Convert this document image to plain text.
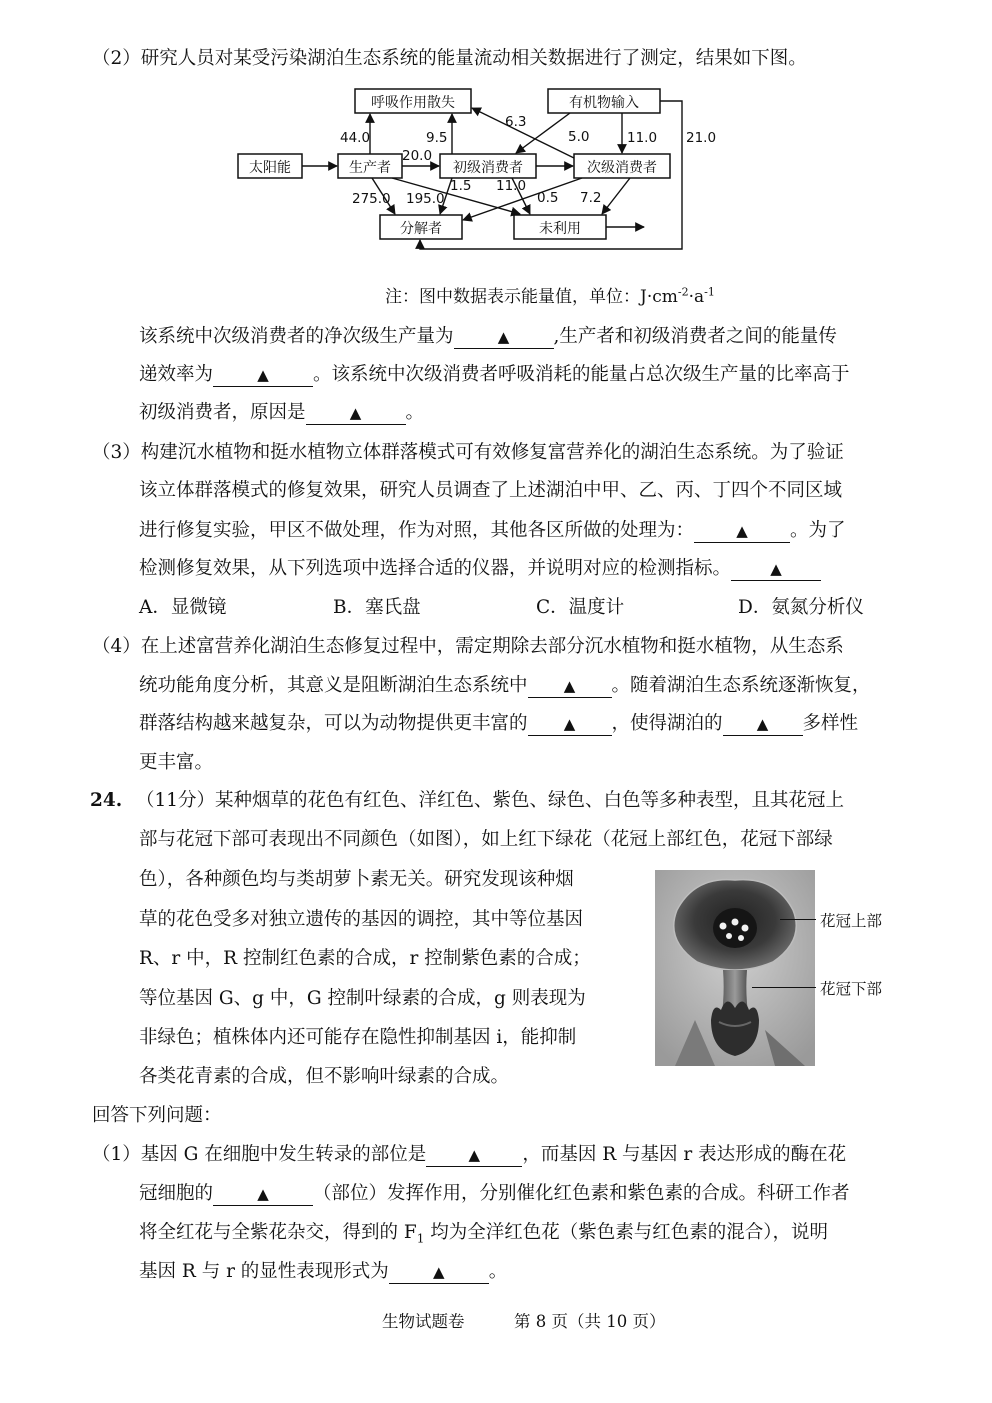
（2）研究人员对某受污染湖泊生态系统的能量流动相关数据进行了测定，结果如下图。
呼吸作用散失	有机物输入
太阳能	生产者	初级消费者	次级消费者
分解者	未利用
44.0	9.5
6.3
5.0	11.0 21.0
20.0
1.5 11.0
0.5 7.2
275.0 195.0
注：图中数据表示能量值，单位：$J\cdot cm^{-2}\cdot a^{-1}$
该系统中次级消费者的净次级生产量为	▲ ,生产者和初级消费者之间的能量传
递效率为	▲ 。该系统中次级消费者呼吸消耗的能量占总次级生产量的比率高于
初级消费者，原因是	▲ 。
（3）构建沉水植物和挺水植物立体群落模式可有效修复富营养化的湖泊生态系统。为了验证
该立体群落模式的修复效果，研究人员调查了上述湖泊中甲、乙、丙、丁四个不同区域
进行修复实验，甲区不做处理，作为对照，其他各区所做的处理为：	▲ 。为了
检测修复效果，从下列选项中选择合适的仪器，并说明对应的检测指标。	▲
A．显微镜	B．塞氏盘	C．温度计	D．氨氮分析仪
（4）在上述富营养化湖泊生态修复过程中，需定期除去部分沉水植物和挺水植物，从生态系
统功能角度分析，其意义是阻断湖泊生态系统中 ▲ 。随着湖泊生态系统逐渐恢复，
群落结构越来越复杂，可以为动物提供更丰富的 ▲ ，使得湖泊的 ▲ 多样性
更丰富。
24. （11分）某种烟草的花色有红色、洋红色、紫色、绿色、白色等多种表型，且其花冠上
部与花冠下部可表现出不同颜色（如图），如上红下绿花（花冠上部红色，花冠下部绿
色），各种颜色均与类胡萝卜素无关。研究发现该种烟
草的花色受多对独立遗传的基因的调控，其中等位基因
R、r 中，R 控制红色素的合成，r 控制紫色素的合成；
等位基因 G、g 中，G 控制叶绿素的合成，g 则表现为
非绿色；植株体内还可能存在隐性抑制基因 i，能抑制
各类花青素的合成，但不影响叶绿素的合成。
花冠上部
花冠下部
回答下列问题：
（1）基因 G 在细胞中发生转录的部位是	▲ ，而基因 R 与基因 r 表达形成的酶在花
冠细胞的	▲ （部位）发挥作用，分别催化红色素和紫色素的合成。科研工作者
将全红花与全紫花杂交，得到的 $F_1$ 均为全洋红色花（紫色素与红色素的混合），说明
基因 R 与 r 的显性表现形式为	▲ 。
生物试题卷	第 8 页（共 10 页）
